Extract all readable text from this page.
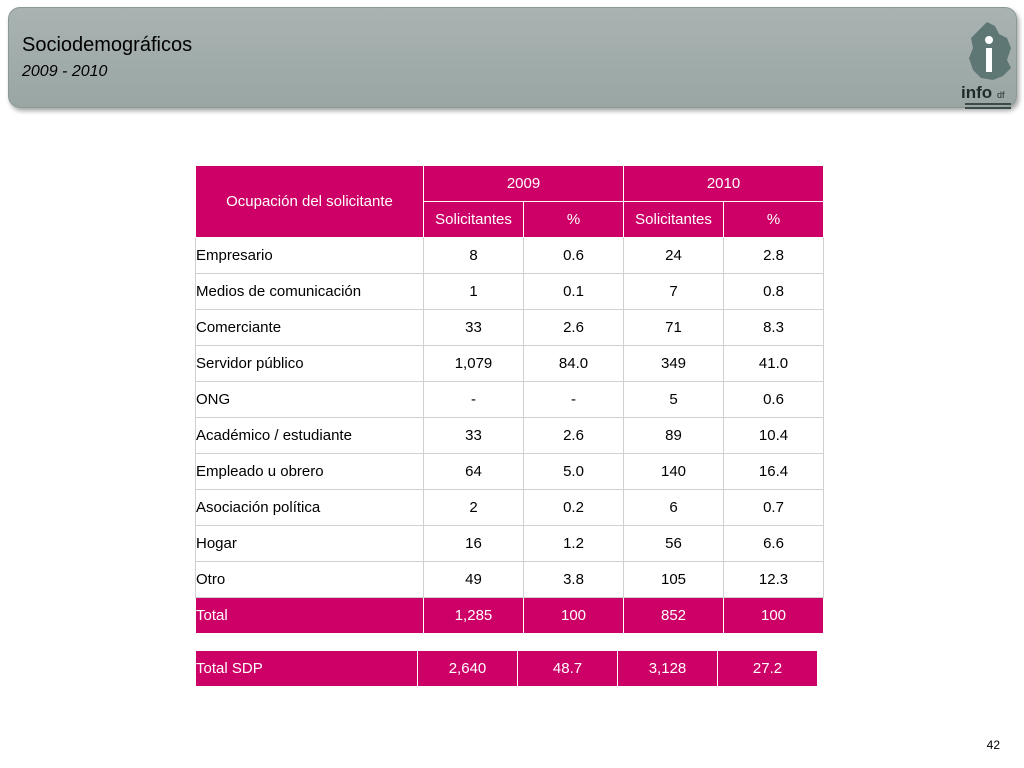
Sociodemográficos
2009 - 2010
info df
Ocupación del solicitante	2009		2010	
	Solicitantes	%	Solicitantes	%
Empresario	8	0.6	24	2.8
Medios de comunicación	1	0.1	7	0.8
Comerciante	33	2.6	71	8.3
Servidor público	1,079	84.0	349	41.0
ONG	-	-	5	0.6
Académico / estudiante	33	2.6	89	10.4
Empleado u obrero	64	5.0	140	16.4
Asociación política	2	0.2	6	0.7
Hogar	16	1.2	56	6.6
Otro	49	3.8	105	12.3
Total	1,285	100	852	100
Total SDP	2,640	48.7	3,128	27.2
42
